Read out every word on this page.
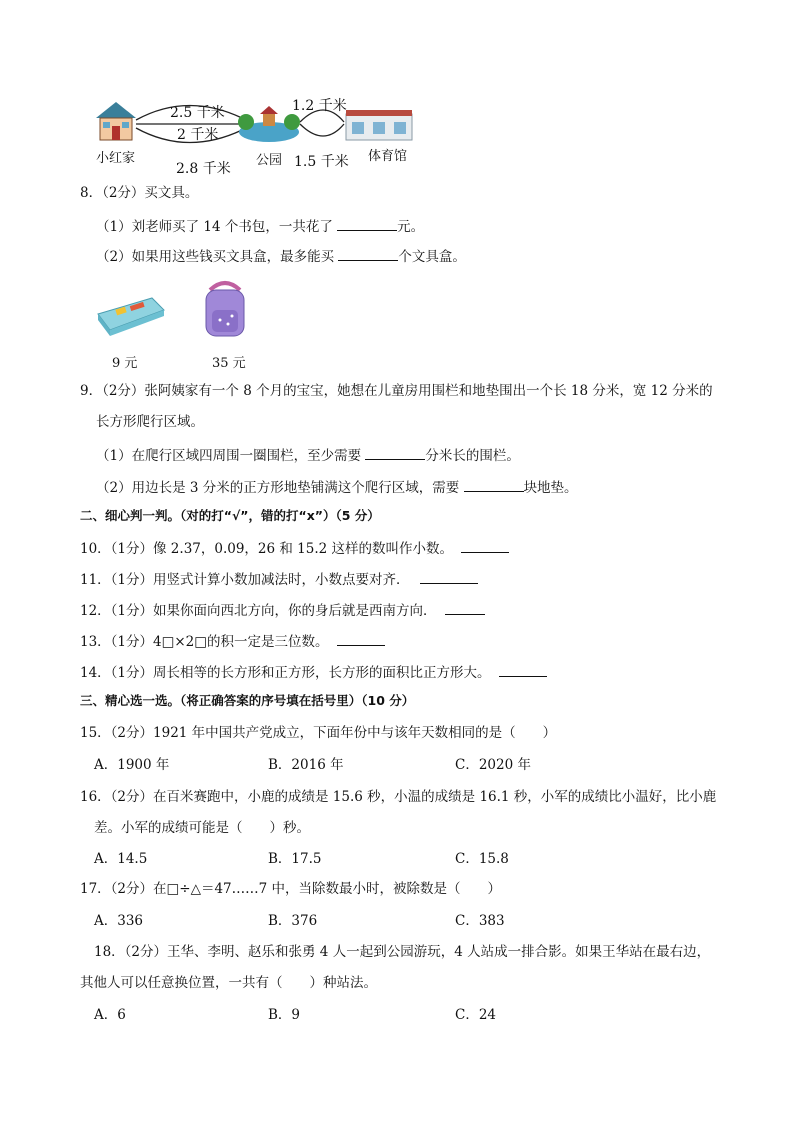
2.5 千米
2 千米
2.8 千米
1.2 千米
1.5 千米
小红家	公园	体育馆
8．（2分）买文具。
（1）刘老师买了 14 个书包，一共花了	元。
（2）如果用这些钱买文具盒，最多能买	个文具盒。
9 元	35 元
9．（2分）张阿姨家有一个 8 个月的宝宝，她想在儿童房用围栏和地垫围出一个长 18 分米，宽 12 分米的
长方形爬行区域。
（1）在爬行区域四周围一圈围栏，至少需要	分米长的围栏。
（2）用边长是 3 分米的正方形地垫铺满这个爬行区域，需要	块地垫。
二、细心判一判。（对的打“√”，错的打“x”）（5 分）
10．（1分）像 2.37，0.09，26 和 15.2 这样的数叫作小数。
11．（1分）用竖式计算小数加减法时，小数点要对齐．
12．（1分）如果你面向西北方向，你的身后就是西南方向．
13．（1分）4□×2□的积一定是三位数。
14．（1分）周长相等的长方形和正方形，长方形的面积比正方形大。
三、精心选一选。（将正确答案的序号填在括号里）（10 分）
15．（2分）1921 年中国共产党成立，下面年份中与该年天数相同的是（　　）
A．1900 年	B．2016 年	C．2020 年
16．（2分）在百米赛跑中，小鹿的成绩是 15.6 秒，小温的成绩是 16.1 秒，小军的成绩比小温好，比小鹿
差。小军的成绩可能是（　　）秒。
A．14.5	B．17.5	C．15.8
17．（2分）在□÷△＝47……7 中，当除数最小时，被除数是（　　）
A．336	B．376	C．383
18．（2分）王华、李明、赵乐和张勇 4 人一起到公园游玩，4 人站成一排合影。如果王华站在最右边，
其他人可以任意换位置，一共有（　　）种站法。
A．6	B．9	C．24
